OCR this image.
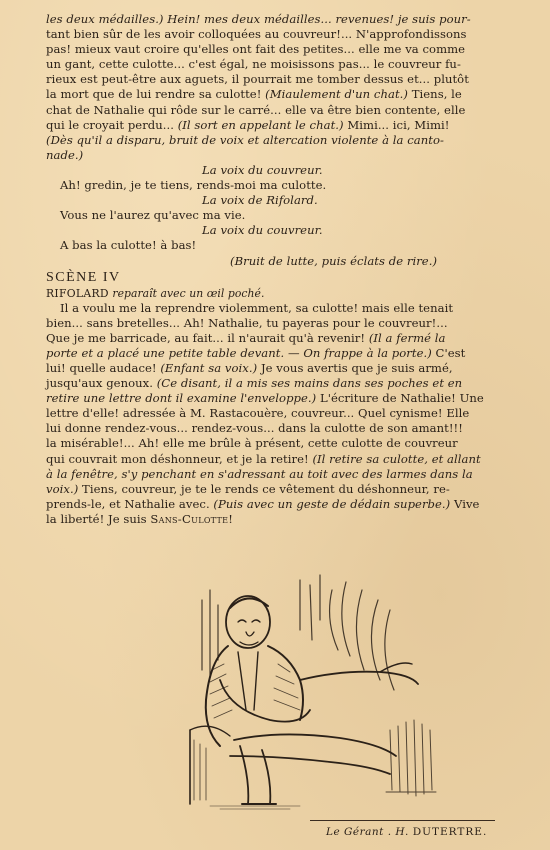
les deux médailles.) Hein! mes deux médailles... revenues! je suis pour-

tant bien sûr de les avoir colloquées au couvreur!... N'approfondissons

pas! mieux vaut croire qu'elles ont fait des petites... elle me va comme

un gant, cette culotte... c'est égal, ne moisissons pas... le couvreur fu-

rieux est peut-être aux aguets, il pourrait me tomber dessus et... plutôt

la mort que de lui rendre sa culotte! (Miaulement d'un chat.) Tiens, le

chat de Nathalie qui rôde sur le carré... elle va être bien contente, elle

qui le croyait perdu... (Il sort en appelant le chat.) Mimi... ici, Mimi!

(Dès qu'il a disparu, bruit de voix et altercation violente à la canto-

nade.)

La voix du couvreur.

Ah! gredin, je te tiens, rends-moi ma culotte.

La voix de Rifolard.

Vous ne l'aurez qu'avec ma vie.

La voix du couvreur.

A bas la culotte! à bas!

(Bruit de lutte, puis éclats de rire.)

SCÈNE IV

RIFOLARD reparaît avec un œil poché.

Il a voulu me la reprendre violemment, sa culotte! mais elle tenait

bien... sans bretelles... Ah! Nathalie, tu payeras pour le couvreur!...

Que je me barricade, au fait... il n'aurait qu'à revenir! (Il a fermé la

porte et a placé une petite table devant. — On frappe à la porte.) C'est

lui! quelle audace! (Enfant sa voix.) Je vous avertis que je suis armé,

jusqu'aux genoux. (Ce disant, il a mis ses mains dans ses poches et en

retire une lettre dont il examine l'enveloppe.) L'écriture de Nathalie! Une

lettre d'elle! adressée à M. Rastacouère, couvreur... Quel cynisme! Elle

lui donne rendez-vous... rendez-vous... dans la culotte de son amant!!!

la misérable!... Ah! elle me brûle à présent, cette culotte de couvreur

qui couvrait mon déshonneur, et je la retire! (Il retire sa culotte, et allant

à la fenêtre, s'y penchant en s'adressant au toit avec des larmes dans la

voix.) Tiens, couvreur, je te le rends ce vêtement du déshonneur, re-

prends-le, et Nathalie avec. (Puis avec un geste de dédain superbe.) Vive

la liberté! Je suis Sans-Culotte!

Le Gérant . H. DUTERTRE.
